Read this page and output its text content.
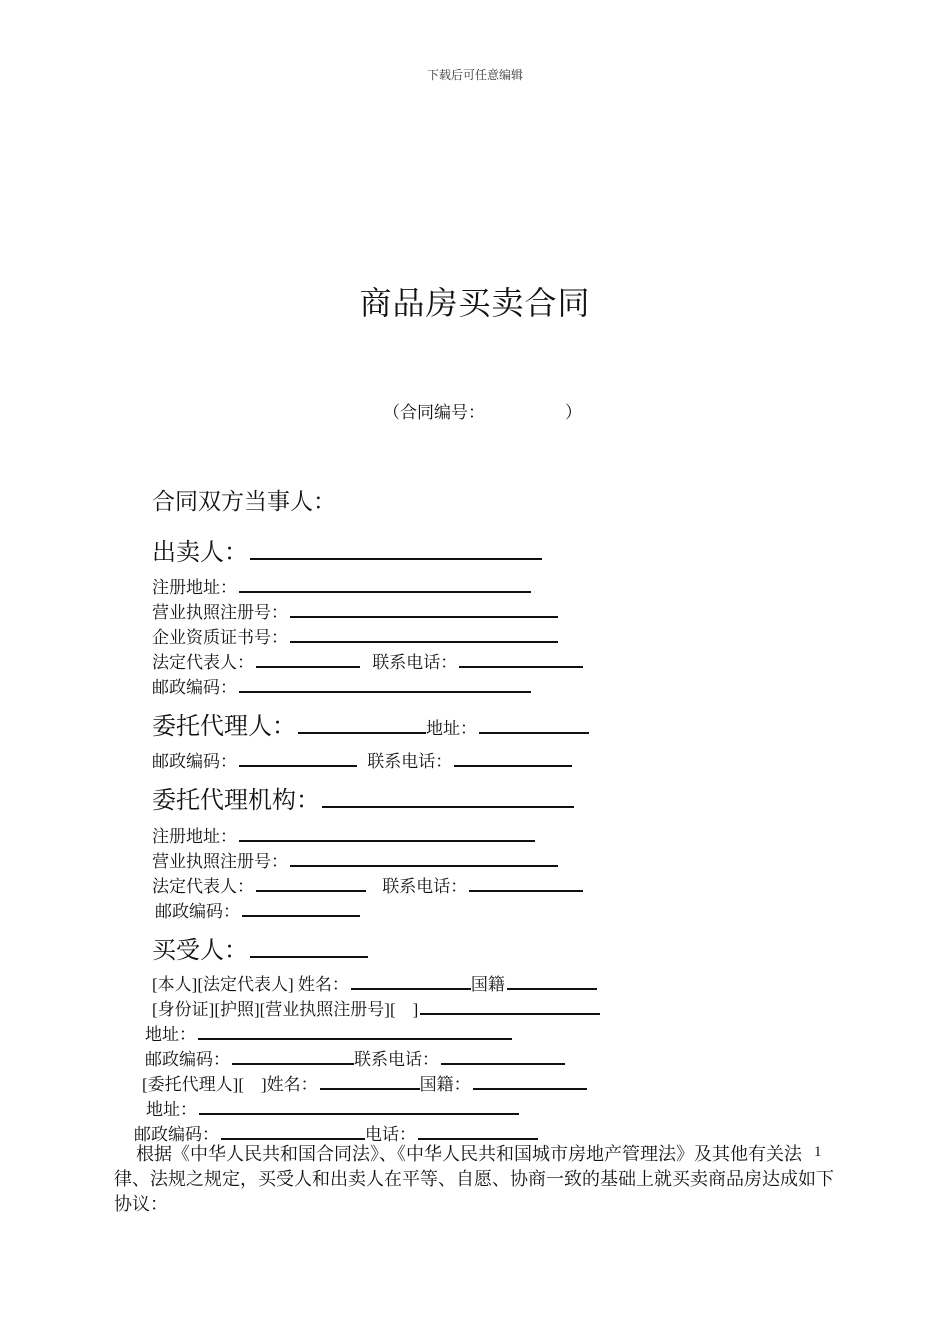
下载后可任意编辑
商品房买卖合同
（合同编号：	）
合同双方当事人：
出卖人：
注册地址：
营业执照注册号：
企业资质证书号：
法定代表人：	联系电话：
邮政编码：
委托代理人：	地址：
邮政编码：	联系电话：
委托代理机构：
注册地址：
营业执照注册号：
法定代表人：	联系电话：
邮政编码：
买受人：
[本人][法定代表人] 姓名：	国籍
[身份证][护照][营业执照注册号][　]
地址：
邮政编码：	联系电话：
[委托代理人][　]姓名：	国籍：
地址：
邮政编码：	电话：
根据《中华人民共和国合同法》、《中华人民共和国城市房地产管理法》及其他有关法律、法规之规定，买受人和出卖人在平等、自愿、协商一致的基础上就买卖商品房达成如下协议：
1
